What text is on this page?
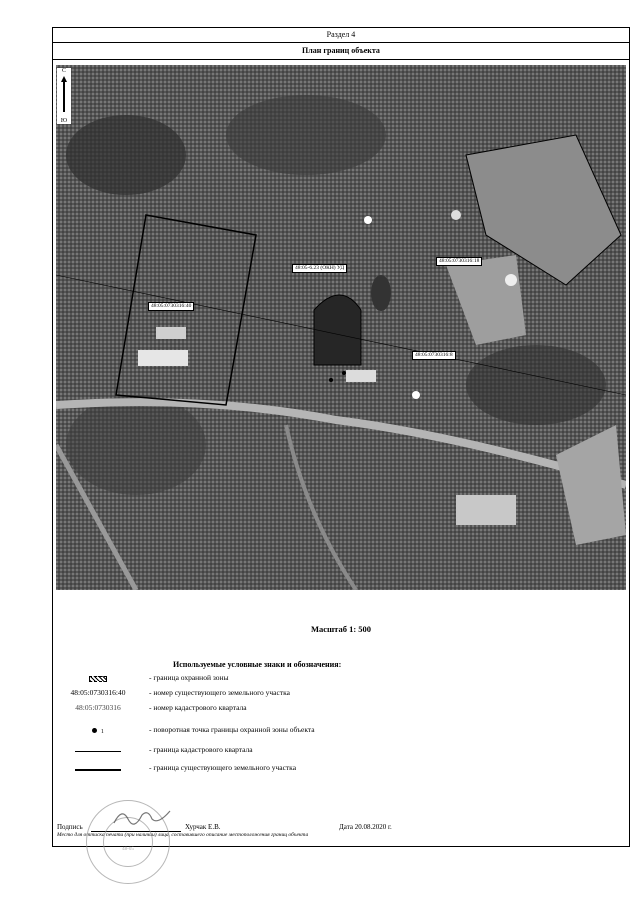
Раздел 4
План границ объекта
48:05-6.23 (ОКН) УД
48:05:0730316:40
48:05:0730316:18
48:05:0730316:8
С
Ю
Масштаб 1: 500
Используемые условные знаки и обозначения:
- граница охранной зоны
48:05:0730316:40	- номер существующего земельного участка
48:05:0730316	- номер кадастрового квартала
1	- поворотная точка границы охранной зоны объекта
- граница кадастрового квартала
- граница существующего земельного участка
Подпись	Хурчак Е.В.	Дата 20.08.2020 г.
Место для оттиска печати (при наличии) лица, составившего описание местоположения границ объекта
48-05
